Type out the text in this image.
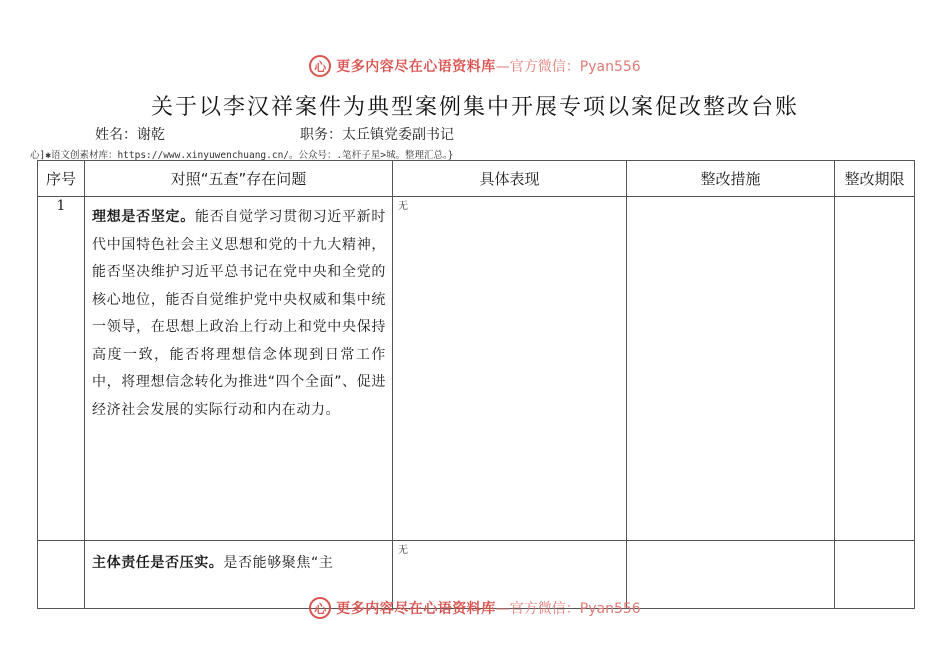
心 更多内容尽在心语资料库 —官方微信：Pyan556
关于以李汉祥案件为典型案例集中开展专项以案促改整改台账
姓名：谢乾	职务：太丘镇党委副书记
心]✱语文创素材库：https://www.xinyuwenchuang.cn/。公众号：.笔杆子星>城。整理汇总。}
序号	对照“五查”存在问题	具体表现	整改措施	整改期限
1	理想是否坚定。能否自觉学习贯彻习近平新时代中国特色社会主义思想和党的十九大精神，能否坚决维护习近平总书记在党中央和全党的核心地位，能否自觉维护党中央权威和集中统一领导，在思想上政治上行动上和党中央保持高度一致，能否将理想信念体现到日常工作中，将理想信念转化为推进“四个全面”、促进经济社会发展的实际行动和内在动力。	无		
	主体责任是否压实。是否能够聚焦“主	无		
心 更多内容尽在心语资料库 —官方微信：Pyan556
